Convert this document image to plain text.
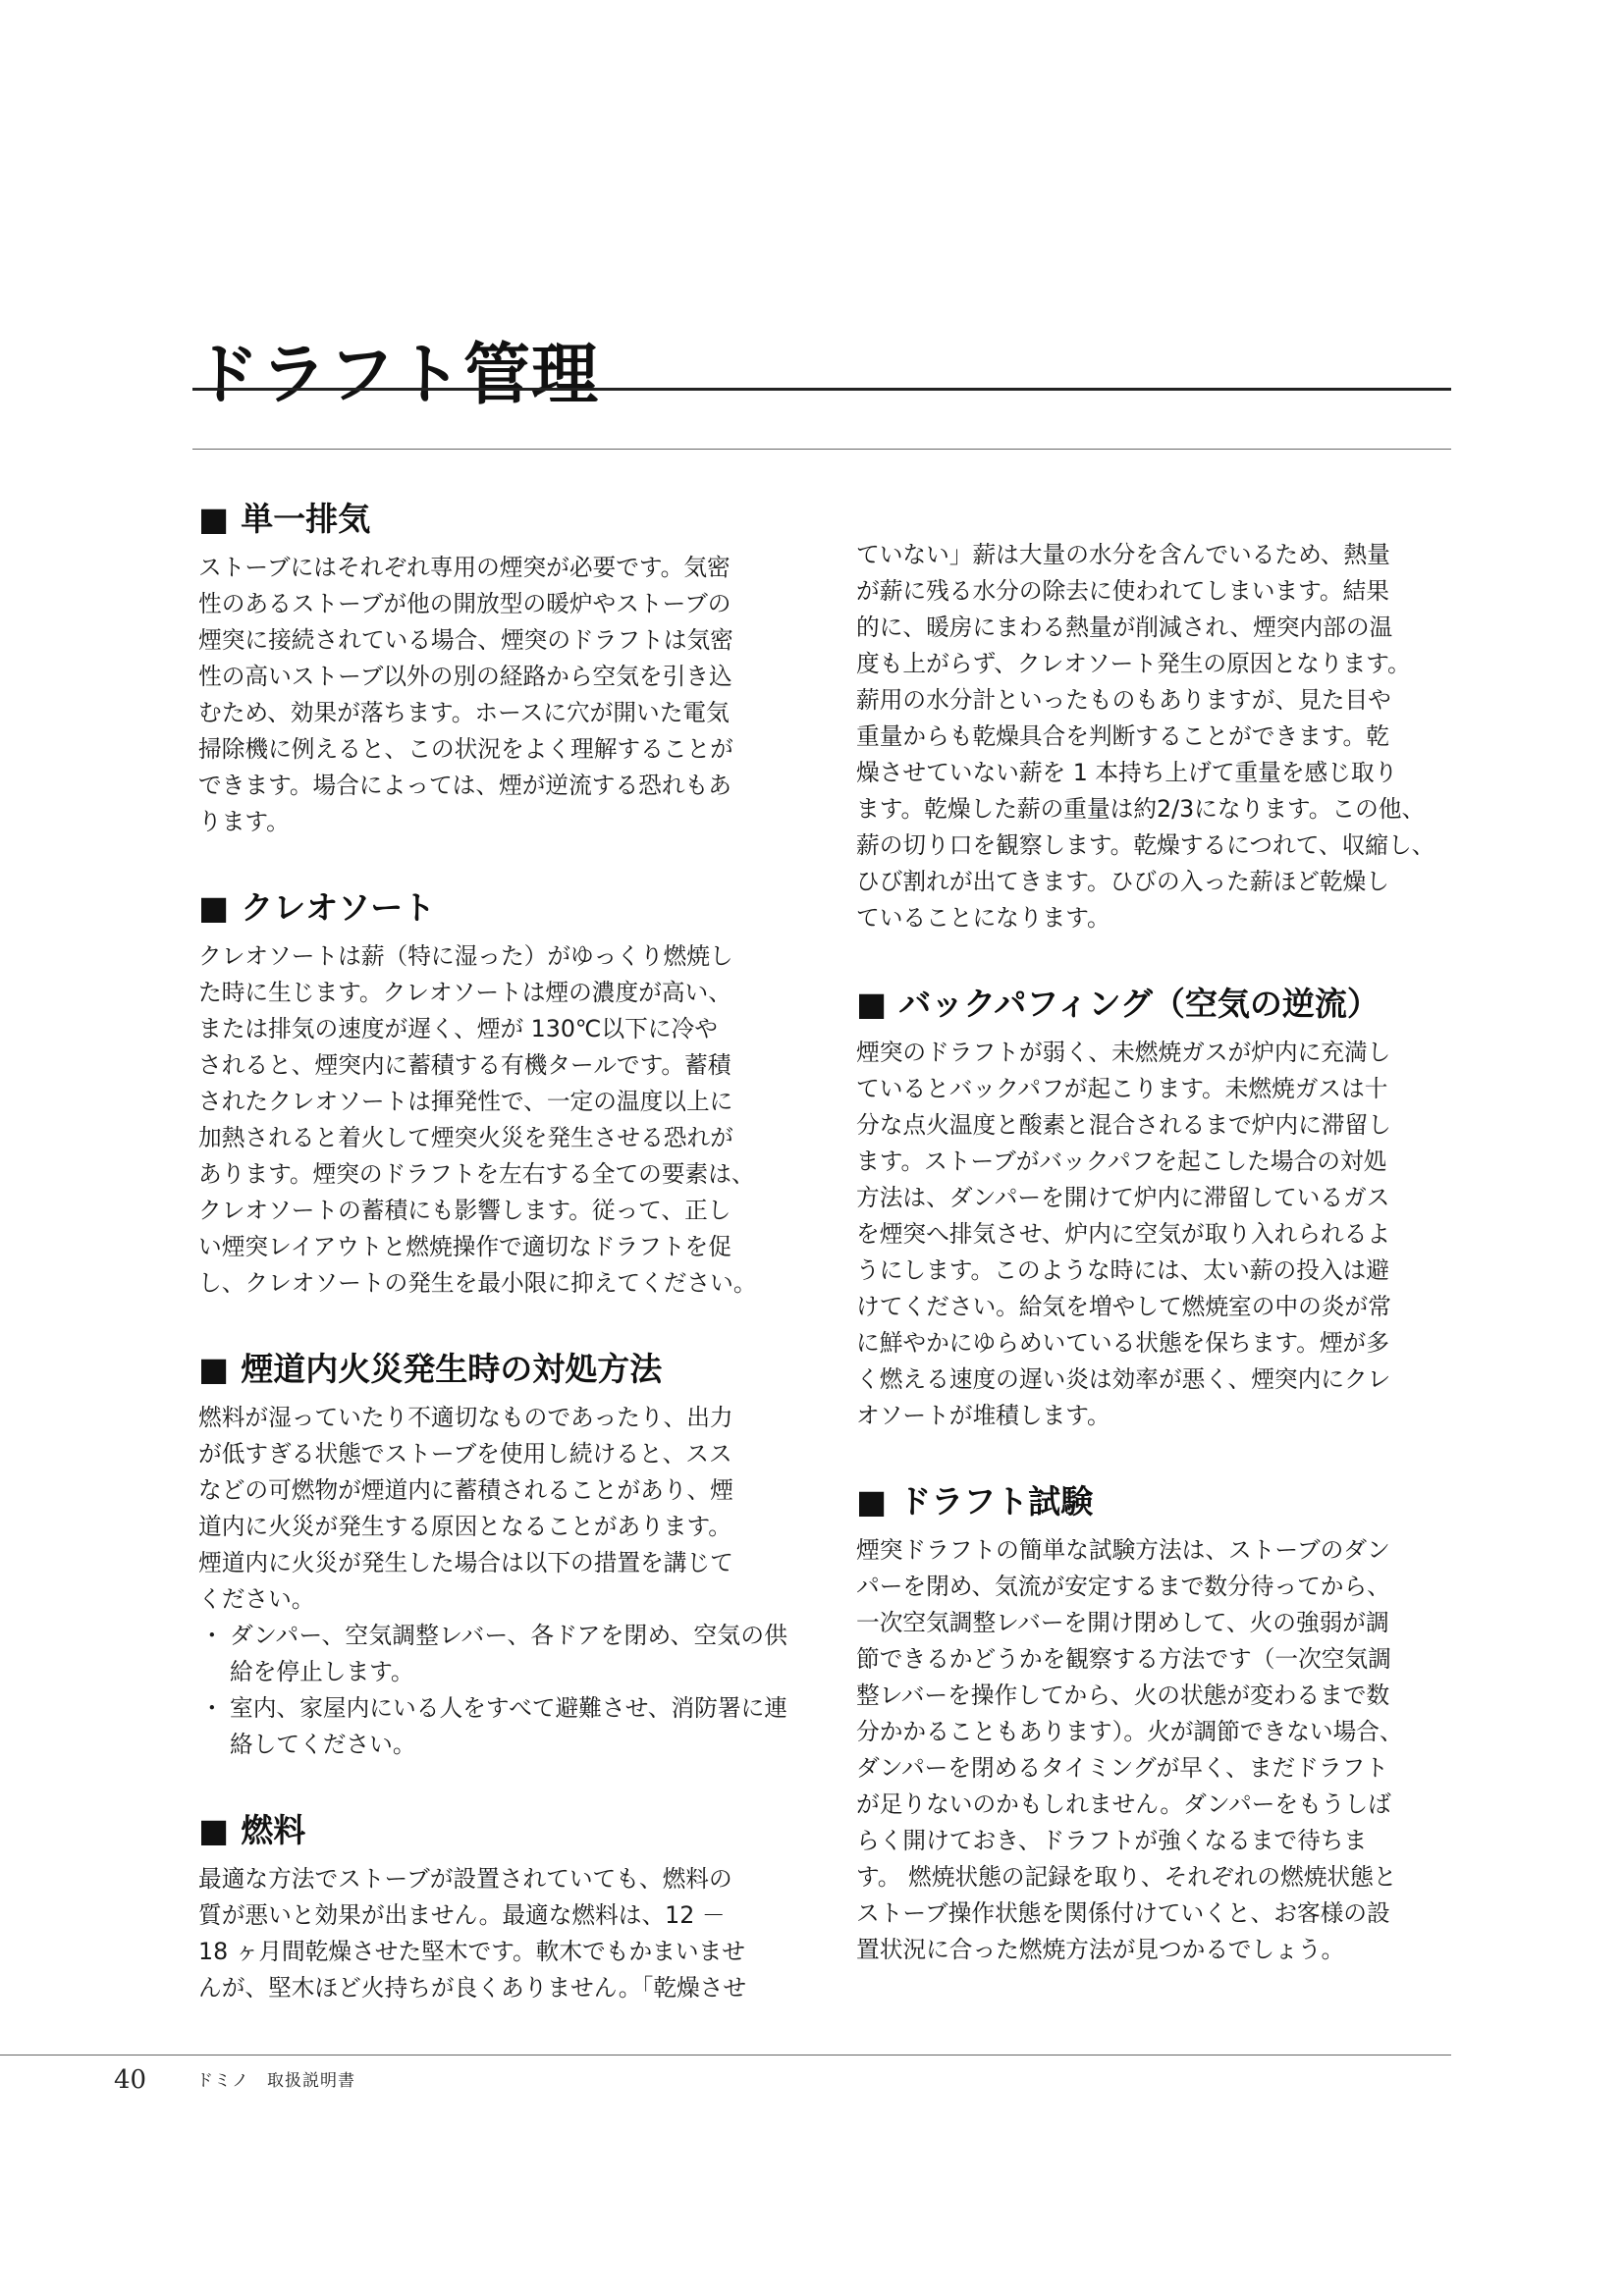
ドラフト管理
■ 単一排気

ストーブにはそれぞれ専用の煙突が必要です。気密
性のあるストーブが他の開放型の暖炉やストーブの
煙突に接続されている場合、煙突のドラフトは気密
性の高いストーブ以外の別の経路から空気を引き込
むため、効果が落ちます。ホースに穴が開いた電気
掃除機に例えると、この状況をよく理解することが
できます。場合によっては、煙が逆流する恐れもあ
ります。

■ クレオソート

クレオソートは薪（特に湿った）がゆっくり燃焼し
た時に生じます。クレオソートは煙の濃度が高い、
または排気の速度が遅く、煙が 130℃以下に冷や
されると、煙突内に蓄積する有機タールです。蓄積
されたクレオソートは揮発性で、一定の温度以上に
加熱されると着火して煙突火災を発生させる恐れが
あります。煙突のドラフトを左右する全ての要素は、
クレオソートの蓄積にも影響します。従って、正し
い煙突レイアウトと燃焼操作で適切なドラフトを促
し、クレオソートの発生を最小限に抑えてください。

■ 煙道内火災発生時の対処方法

燃料が湿っていたり不適切なものであったり、出力
が低すぎる状態でストーブを使用し続けると、スス
などの可燃物が煙道内に蓄積されることがあり、煙
道内に火災が発生する原因となることがあります。
煙道内に火災が発生した場合は以下の措置を講じて
ください。

・ ダンパー、空気調整レバー、各ドアを閉め、空気の供給を停止します。
・ 室内、家屋内にいる人をすべて避難させ、消防署に連絡してください。
■ 燃料

最適な方法でストーブが設置されていても、燃料の
質が悪いと効果が出ません。最適な燃料は、12 －
18 ヶ月間乾燥させた堅木です。軟木でもかまいませ
んが、堅木ほど火持ちが良くありません。「乾燥させ

ていない」薪は大量の水分を含んでいるため、熱量
が薪に残る水分の除去に使われてしまいます。結果
的に、暖房にまわる熱量が削減され、煙突内部の温
度も上がらず、クレオソート発生の原因となります。
薪用の水分計といったものもありますが、見た目や
重量からも乾燥具合を判断することができます。乾
燥させていない薪を 1 本持ち上げて重量を感じ取り
ます。乾燥した薪の重量は約2/3になります。この他、
薪の切り口を観察します。乾燥するにつれて、収縮し、
ひび割れが出てきます。ひびの入った薪ほど乾燥し
ていることになります。

■ バックパフィング（空気の逆流）

煙突のドラフトが弱く、未燃焼ガスが炉内に充満し
ているとバックパフが起こります。未燃焼ガスは十
分な点火温度と酸素と混合されるまで炉内に滞留し
ます。ストーブがバックパフを起こした場合の対処
方法は、ダンパーを開けて炉内に滞留しているガス
を煙突へ排気させ、炉内に空気が取り入れられるよ
うにします。このような時には、太い薪の投入は避
けてください。給気を増やして燃焼室の中の炎が常
に鮮やかにゆらめいている状態を保ちます。煙が多
く燃える速度の遅い炎は効率が悪く、煙突内にクレ
オソートが堆積します。

■ ドラフト試験

煙突ドラフトの簡単な試験方法は、ストーブのダン
パーを閉め、気流が安定するまで数分待ってから、
一次空気調整レバーを開け閉めして、火の強弱が調
節できるかどうかを観察する方法です（一次空気調
整レバーを操作してから、火の状態が変わるまで数
分かかることもあります）。火が調節できない場合、
ダンパーを閉めるタイミングが早く、まだドラフト
が足りないのかもしれません。ダンパーをもうしば
らく開けておき、ドラフトが強くなるまで待ちま
す。 燃焼状態の記録を取り、それぞれの燃焼状態と
ストーブ操作状態を関係付けていくと、お客様の設
置状況に合った燃焼方法が見つかるでしょう。

40	ドミノ　取扱説明書
